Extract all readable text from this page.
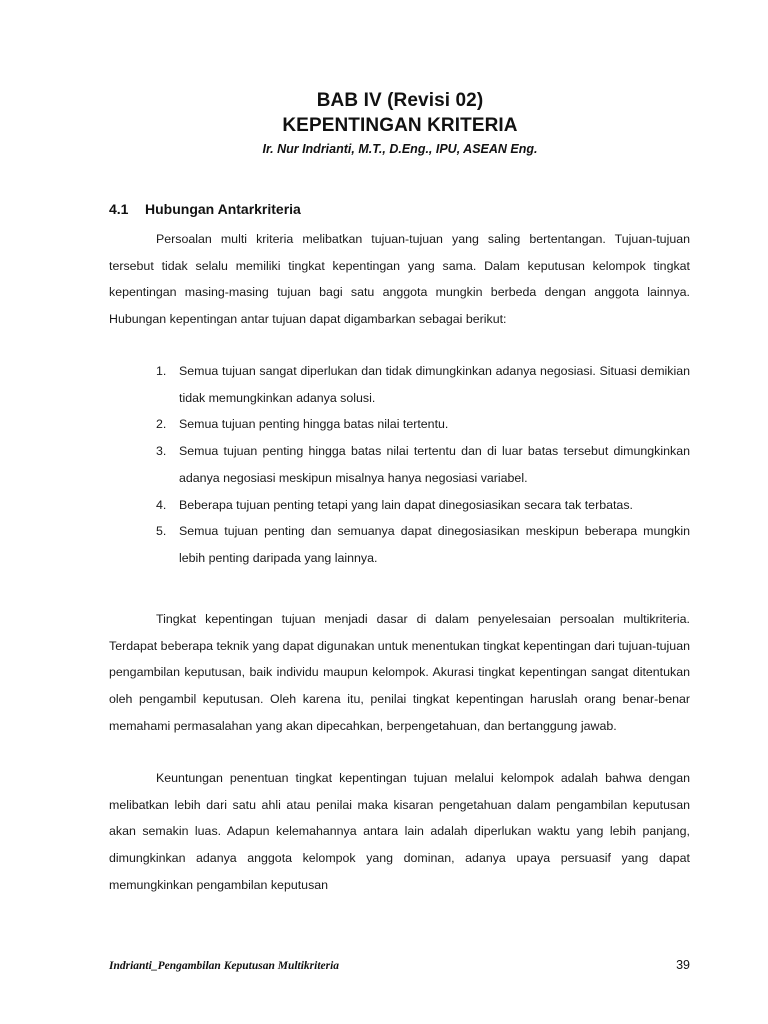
BAB IV (Revisi 02)
KEPENTINGAN KRITERIA
Ir. Nur Indrianti, M.T., D.Eng., IPU, ASEAN Eng.
4.1 Hubungan Antarkriteria

Persoalan multi kriteria melibatkan tujuan-tujuan yang saling bertentangan. Tujuan-tujuan tersebut tidak selalu memiliki tingkat kepentingan yang sama. Dalam keputusan kelompok tingkat kepentingan masing-masing tujuan bagi satu anggota mungkin berbeda dengan anggota lainnya. Hubungan kepentingan antar tujuan dapat digambarkan sebagai berikut:

1.	Semua tujuan sangat diperlukan dan tidak dimungkinkan adanya negosiasi. Situasi demikian tidak memungkinkan adanya solusi.
2.	Semua tujuan penting hingga batas nilai tertentu.
3.	Semua tujuan penting hingga batas nilai tertentu dan di luar batas tersebut dimungkinkan adanya negosiasi meskipun misalnya hanya negosiasi variabel.
4.	Beberapa tujuan penting tetapi yang lain dapat dinegosiasikan secara tak terbatas.
5.	Semua tujuan penting dan semuanya dapat dinegosiasikan meskipun beberapa mungkin lebih penting daripada yang lainnya.

Tingkat kepentingan tujuan menjadi dasar di dalam penyelesaian persoalan multikriteria. Terdapat beberapa teknik yang dapat digunakan untuk menentukan tingkat kepentingan dari tujuan-tujuan pengambilan keputusan, baik individu maupun kelompok. Akurasi tingkat kepentingan sangat ditentukan oleh pengambil keputusan. Oleh karena itu, penilai tingkat kepentingan haruslah orang benar-benar memahami permasalahan yang akan dipecahkan, berpengetahuan, dan bertanggung jawab.

Keuntungan penentuan tingkat kepentingan tujuan melalui kelompok adalah bahwa dengan melibatkan lebih dari satu ahli atau penilai maka kisaran pengetahuan dalam pengambilan keputusan akan semakin luas. Adapun kelemahannya antara lain adalah diperlukan waktu yang lebih panjang, dimungkinkan adanya anggota kelompok yang dominan, adanya upaya persuasif yang dapat memungkinkan pengambilan keputusan

Indrianti_Pengambilan Keputusan Multikriteria	39
